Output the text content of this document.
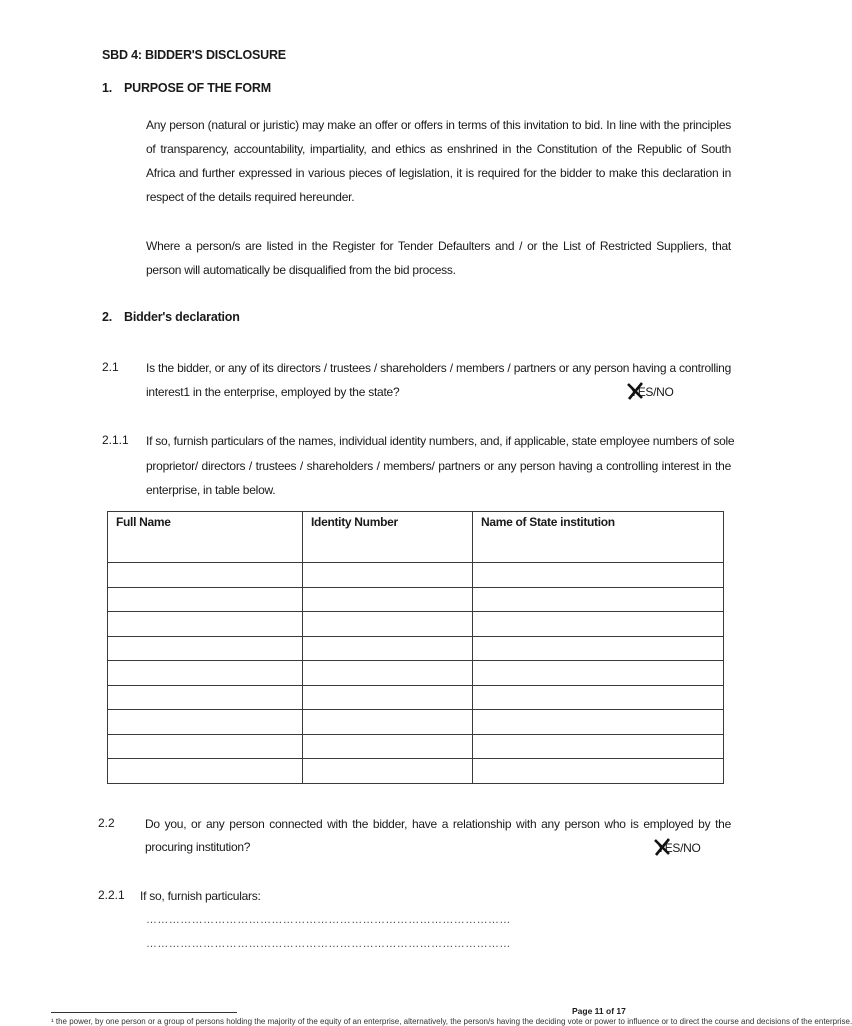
SBD 4: BIDDER'S DISCLOSURE
1. PURPOSE OF THE FORM
Any person (natural or juristic) may make an offer or offers in terms of this invitation to bid. In line with the principles of transparency, accountability, impartiality, and ethics as enshrined in the Constitution of the Republic of South Africa and further expressed in various pieces of legislation, it is required for the bidder to make this declaration in respect of the details required hereunder.
Where a person/s are listed in the Register for Tender Defaulters and / or the List of Restricted Suppliers, that person will automatically be disqualified from the bid process.
2. Bidder's declaration
2.1 Is the bidder, or any of its directors / trustees / shareholders / members / partners or any person having a controlling
interest1 in the enterprise, employed by the state?	YES
/NO
2.1.1 If so, furnish particulars of the names, individual identity numbers, and, if applicable, state employee numbers of sole
proprietor/ directors / trustees / shareholders / members/ partners or any person having a controlling interest in the
enterprise, in table below.
Full Name	Identity Number	Name of State institution

2.2	Do you, or any person connected with the bidder, have a relationship with any person who is employed by the
procuring institution?	YES
/NO
2.2.1 If so, furnish particulars:
……………………………………………………………………………………
……………………………………………………………………………………
Page 11 of 17
¹ the power, by one person or a group of persons holding the majority of the equity of an enterprise, alternatively, the person/s having the deciding vote or power to influence or to direct the course and decisions of the enterprise.
